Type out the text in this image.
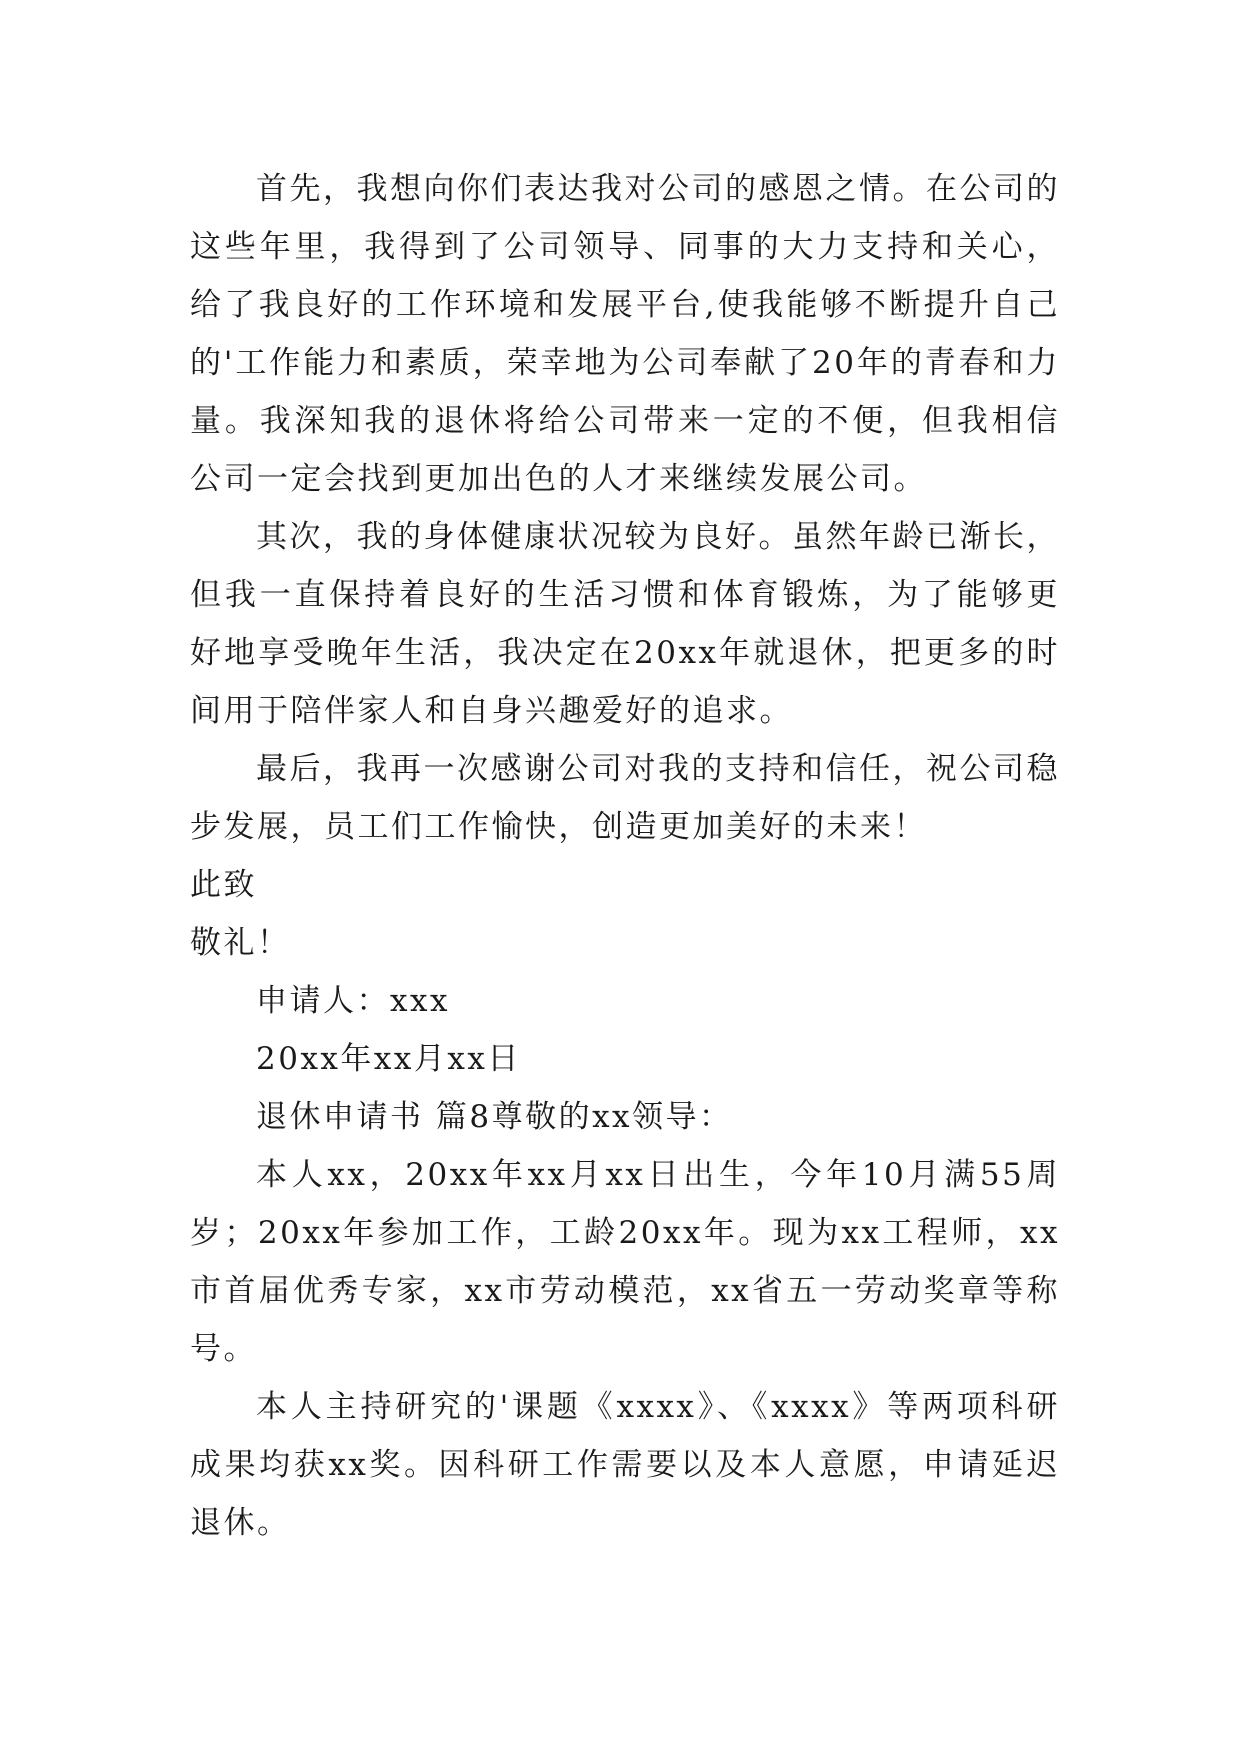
首先，我想向你们表达我对公司的感恩之情。在公司的这些年里，我得到了公司领导、同事的大力支持和关心，给了我良好的工作环境和发展平台,使我能够不断提升自己的'工作能力和素质，荣幸地为公司奉献了20年的青春和力量。我深知我的退休将给公司带来一定的不便，但我相信公司一定会找到更加出色的人才来继续发展公司。

其次，我的身体健康状况较为良好。虽然年龄已渐长，但我一直保持着良好的生活习惯和体育锻炼，为了能够更好地享受晚年生活，我决定在20xx年就退休，把更多的时间用于陪伴家人和自身兴趣爱好的追求。

最后，我再一次感谢公司对我的支持和信任，祝公司稳步发展，员工们工作愉快，创造更加美好的未来！

此致

敬礼！

申请人：xxx

20xx年xx月xx日

退休申请书 篇8尊敬的xx领导：

本人xx，20xx年xx月xx日出生，今年10月满55周岁；20xx年参加工作，工龄20xx年。现为xx工程师，xx市首届优秀专家，xx市劳动模范，xx省五一劳动奖章等称号。

本人主持研究的'课题《xxxx》、《xxxx》等两项科研成果均获xx奖。因科研工作需要以及本人意愿，申请延迟退休。
